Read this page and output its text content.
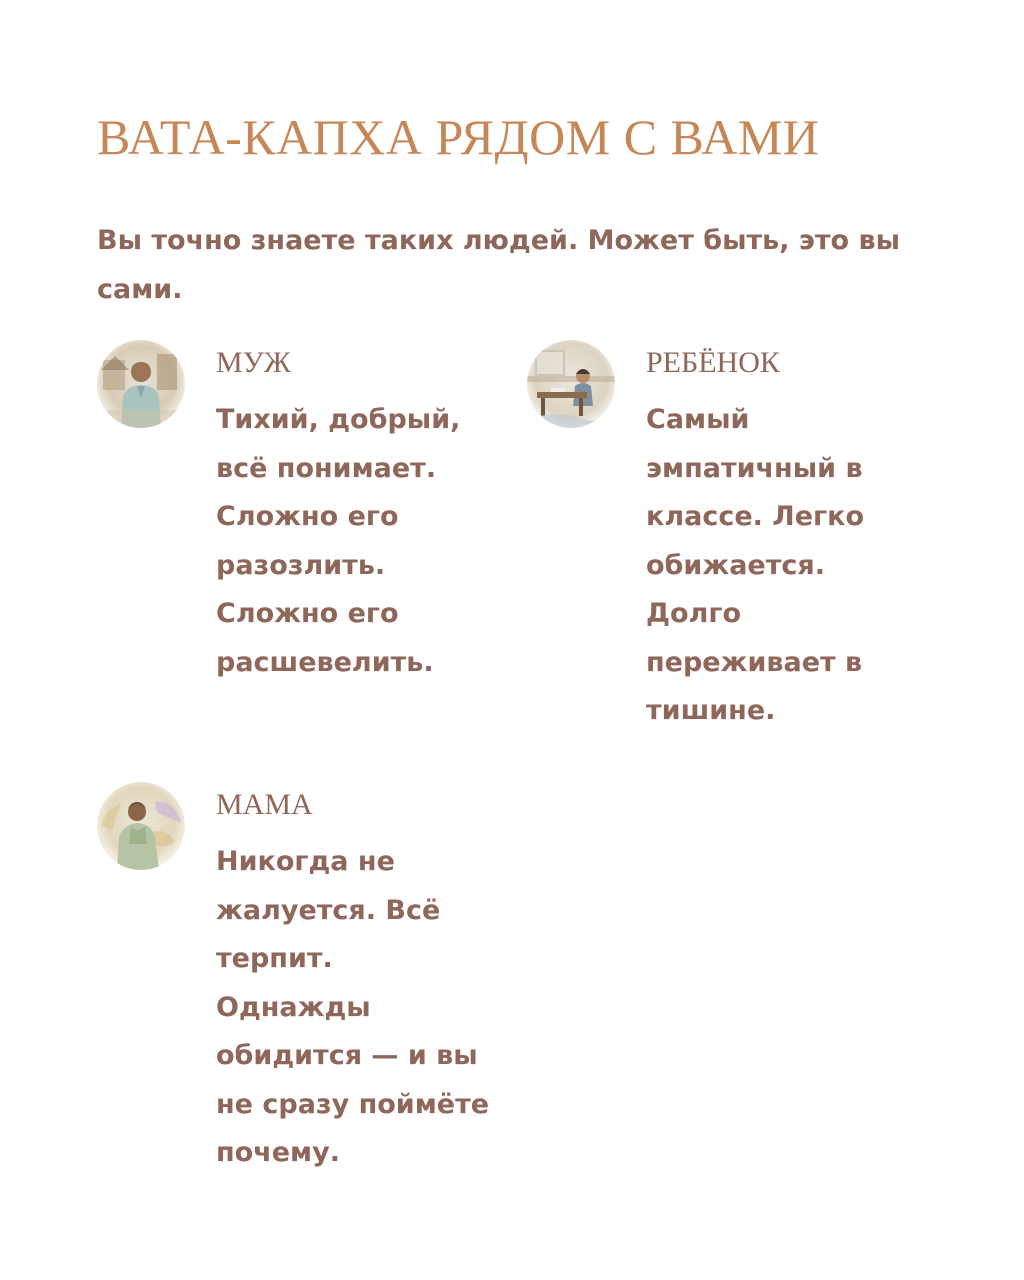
ВАТА-КАПХА РЯДОМ С ВАМИ

Вы точно знаете таких людей. Может быть, это вы сами.

МУЖ

Тихий, добрый, всё понимает. Сложно его разозлить. Сложно его расшевелить.

РЕБЁНОК

Самый эмпатичный в классе. Легко обижается. Долго переживает в тишине.

МАМА

Никогда не жалуется. Всё терпит. Однажды обидится — и вы не сразу поймёте почему.
